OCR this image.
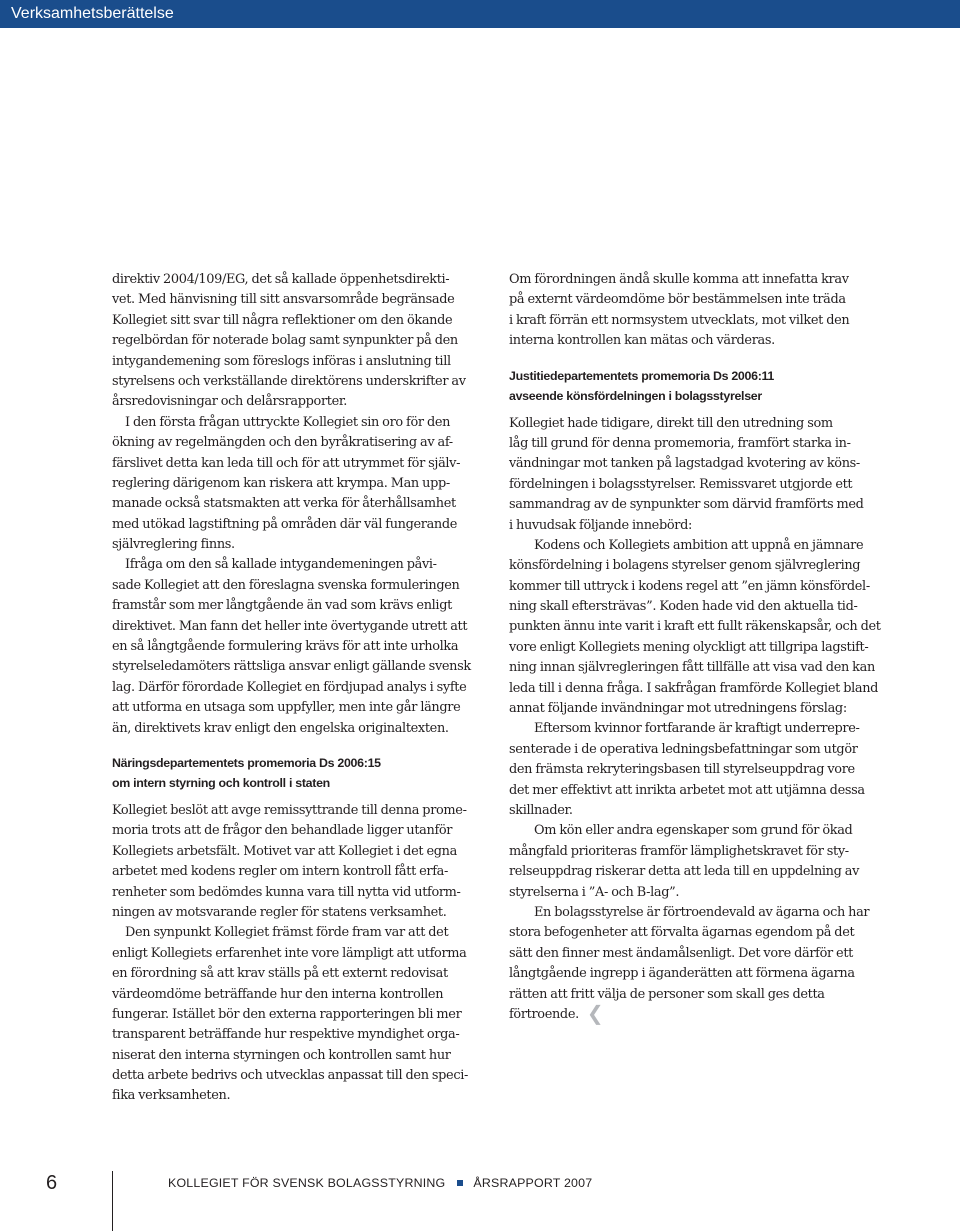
Verksamhetsberättelse
direktiv 2004/109/EG, det så kallade öppenhetsdirekti-
vet. Med hänvisning till sitt ansvarsområde begränsade
Kollegiet sitt svar till några reflektioner om den ökande
regelbördan för noterade bolag samt synpunkter på den
intygandemening som föreslogs införas i anslutning till
styrelsens och verkställande direktörens underskrifter av
årsredovisningar och delårsrapporter.
I den första frågan uttryckte Kollegiet sin oro för den
ökning av regelmängden och den byråkratisering av af-
färslivet detta kan leda till och för att utrymmet för själv-
reglering därigenom kan riskera att krympa. Man upp-
manade också statsmakten att verka för återhållsamhet
med utökad lagstiftning på områden där väl fungerande
självreglering finns.
Ifråga om den så kallade intygandemeningen påvi-
sade Kollegiet att den föreslagna svenska formuleringen
framstår som mer långtgående än vad som krävs enligt
direktivet. Man fann det heller inte övertygande utrett att
en så långtgående formulering krävs för att inte urholka
styrelseledamöters rättsliga ansvar enligt gällande svensk
lag. Därför förordade Kollegiet en fördjupad analys i syfte
att utforma en utsaga som uppfyller, men inte går längre
än, direktivets krav enligt den engelska originaltexten.
Näringsdepartementets promemoria Ds 2006:15
om intern styrning och kontroll i staten
Kollegiet beslöt att avge remissyttrande till denna prome-
moria trots att de frågor den behandlade ligger utanför
Kollegiets arbetsfält. Motivet var att Kollegiet i det egna
arbetet med kodens regler om intern kontroll fått erfa-
renheter som bedömdes kunna vara till nytta vid utform-
ningen av motsvarande regler för statens verksamhet.
Den synpunkt Kollegiet främst förde fram var att det
enligt Kollegiets erfarenhet inte vore lämpligt att utforma
en förordning så att krav ställs på ett externt redovisat
värdeomdöme beträffande hur den interna kontrollen
fungerar. Istället bör den externa rapporteringen bli mer
transparent beträffande hur respektive myndighet orga-
niserat den interna styrningen och kontrollen samt hur
detta arbete bedrivs och utvecklas anpassat till den speci-
fika verksamheten.
Om förordningen ändå skulle komma att innefatta krav
på externt värdeomdöme bör bestämmelsen inte träda
i kraft förrän ett normsystem utvecklats, mot vilket den
interna kontrollen kan mätas och värderas.
Justitiedepartementets promemoria Ds 2006:11
avseende könsfördelningen i bolagsstyrelser
Kollegiet hade tidigare, direkt till den utredning som
låg till grund för denna promemoria, framfört starka in-
vändningar mot tanken på lagstadgad kvotering av köns-
fördelningen i bolagsstyrelser. Remissvaret utgjorde ett
sammandrag av de synpunkter som därvid framförts med
i huvudsak följande innebörd:
Kodens och Kollegiets ambition att uppnå en jämnare
könsfördelning i bolagens styrelser genom självreglering
kommer till uttryck i kodens regel att ”en jämn könsfördel-
ning skall eftersträvas”. Koden hade vid den aktuella tid-
punkten ännu inte varit i kraft ett fullt räkenskapsår, och det
vore enligt Kollegiets mening olyckligt att tillgripa lagstift-
ning innan självregleringen fått tillfälle att visa vad den kan
leda till i denna fråga. I sakfrågan framförde Kollegiet bland
annat följande invändningar mot utredningens förslag:
Eftersom kvinnor fortfarande är kraftigt underrepre-
senterade i de operativa ledningsbefattningar som utgör
den främsta rekryteringsbasen till styrelseuppdrag vore
det mer effektivt att inrikta arbetet mot att utjämna dessa
skillnader.
Om kön eller andra egenskaper som grund för ökad
mångfald prioriteras framför lämplighetskravet för sty-
relseuppdrag riskerar detta att leda till en uppdelning av
styrelserna i ”A- och B-lag”.
En bolagsstyrelse är förtroendevald av ägarna och har
stora befogenheter att förvalta ägarnas egendom på det
sätt den finner mest ändamålsenligt. Det vore därför ett
långtgående ingrepp i äganderätten att förmena ägarna
rätten att fritt välja de personer som skall ges detta
förtroende. ❮
6	KOLLEGIET FÖR SVENSK BOLAGSSTYRNING ÅRSRAPPORT 2007
